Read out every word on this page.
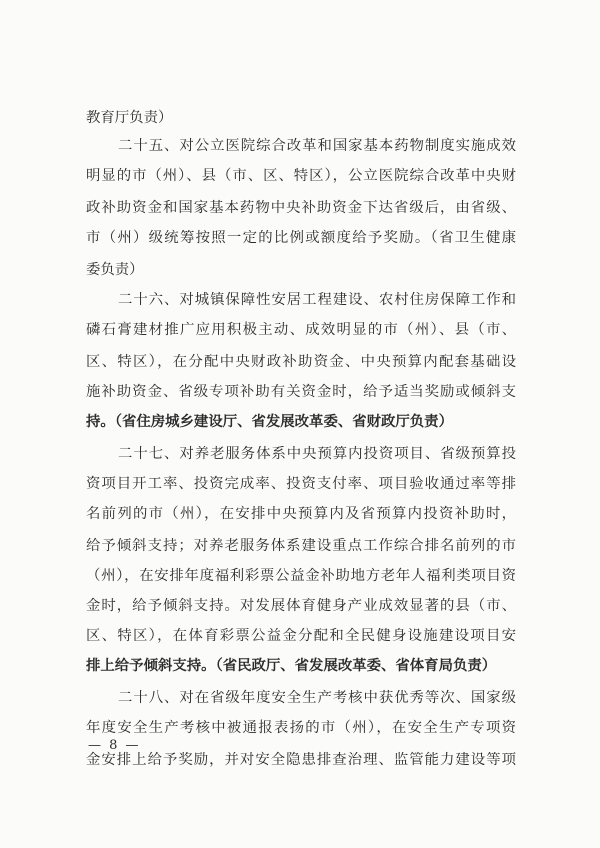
教育厅负责）
二十五、对公立医院综合改革和国家基本药物制度实施成效
明显的市（州）、县（市、区、特区），公立医院综合改革中央财
政补助资金和国家基本药物中央补助资金下达省级后，由省级、
市（州）级统筹按照一定的比例或额度给予奖励。（省卫生健康
委负责）
二十六、对城镇保障性安居工程建设、农村住房保障工作和
磷石膏建材推广应用积极主动、成效明显的市（州）、县（市、
区、特区），在分配中央财政补助资金、中央预算内配套基础设
施补助资金、省级专项补助有关资金时，给予适当奖励或倾斜支
持。（省住房城乡建设厅、省发展改革委、省财政厅负责）
二十七、对养老服务体系中央预算内投资项目、省级预算投
资项目开工率、投资完成率、投资支付率、项目验收通过率等排
名前列的市（州），在安排中央预算内及省预算内投资补助时，
给予倾斜支持；对养老服务体系建设重点工作综合排名前列的市
（州），在安排年度福利彩票公益金补助地方老年人福利类项目资
金时，给予倾斜支持。对发展体育健身产业成效显著的县（市、
区、特区），在体育彩票公益金分配和全民健身设施建设项目安
排上给予倾斜支持。（省民政厅、省发展改革委、省体育局负责）
二十八、对在省级年度安全生产考核中获优秀等次、国家级
年度安全生产考核中被通报表扬的市（州），在安全生产专项资
金安排上给予奖励，并对安全隐患排查治理、监管能力建设等项
— 8 —
